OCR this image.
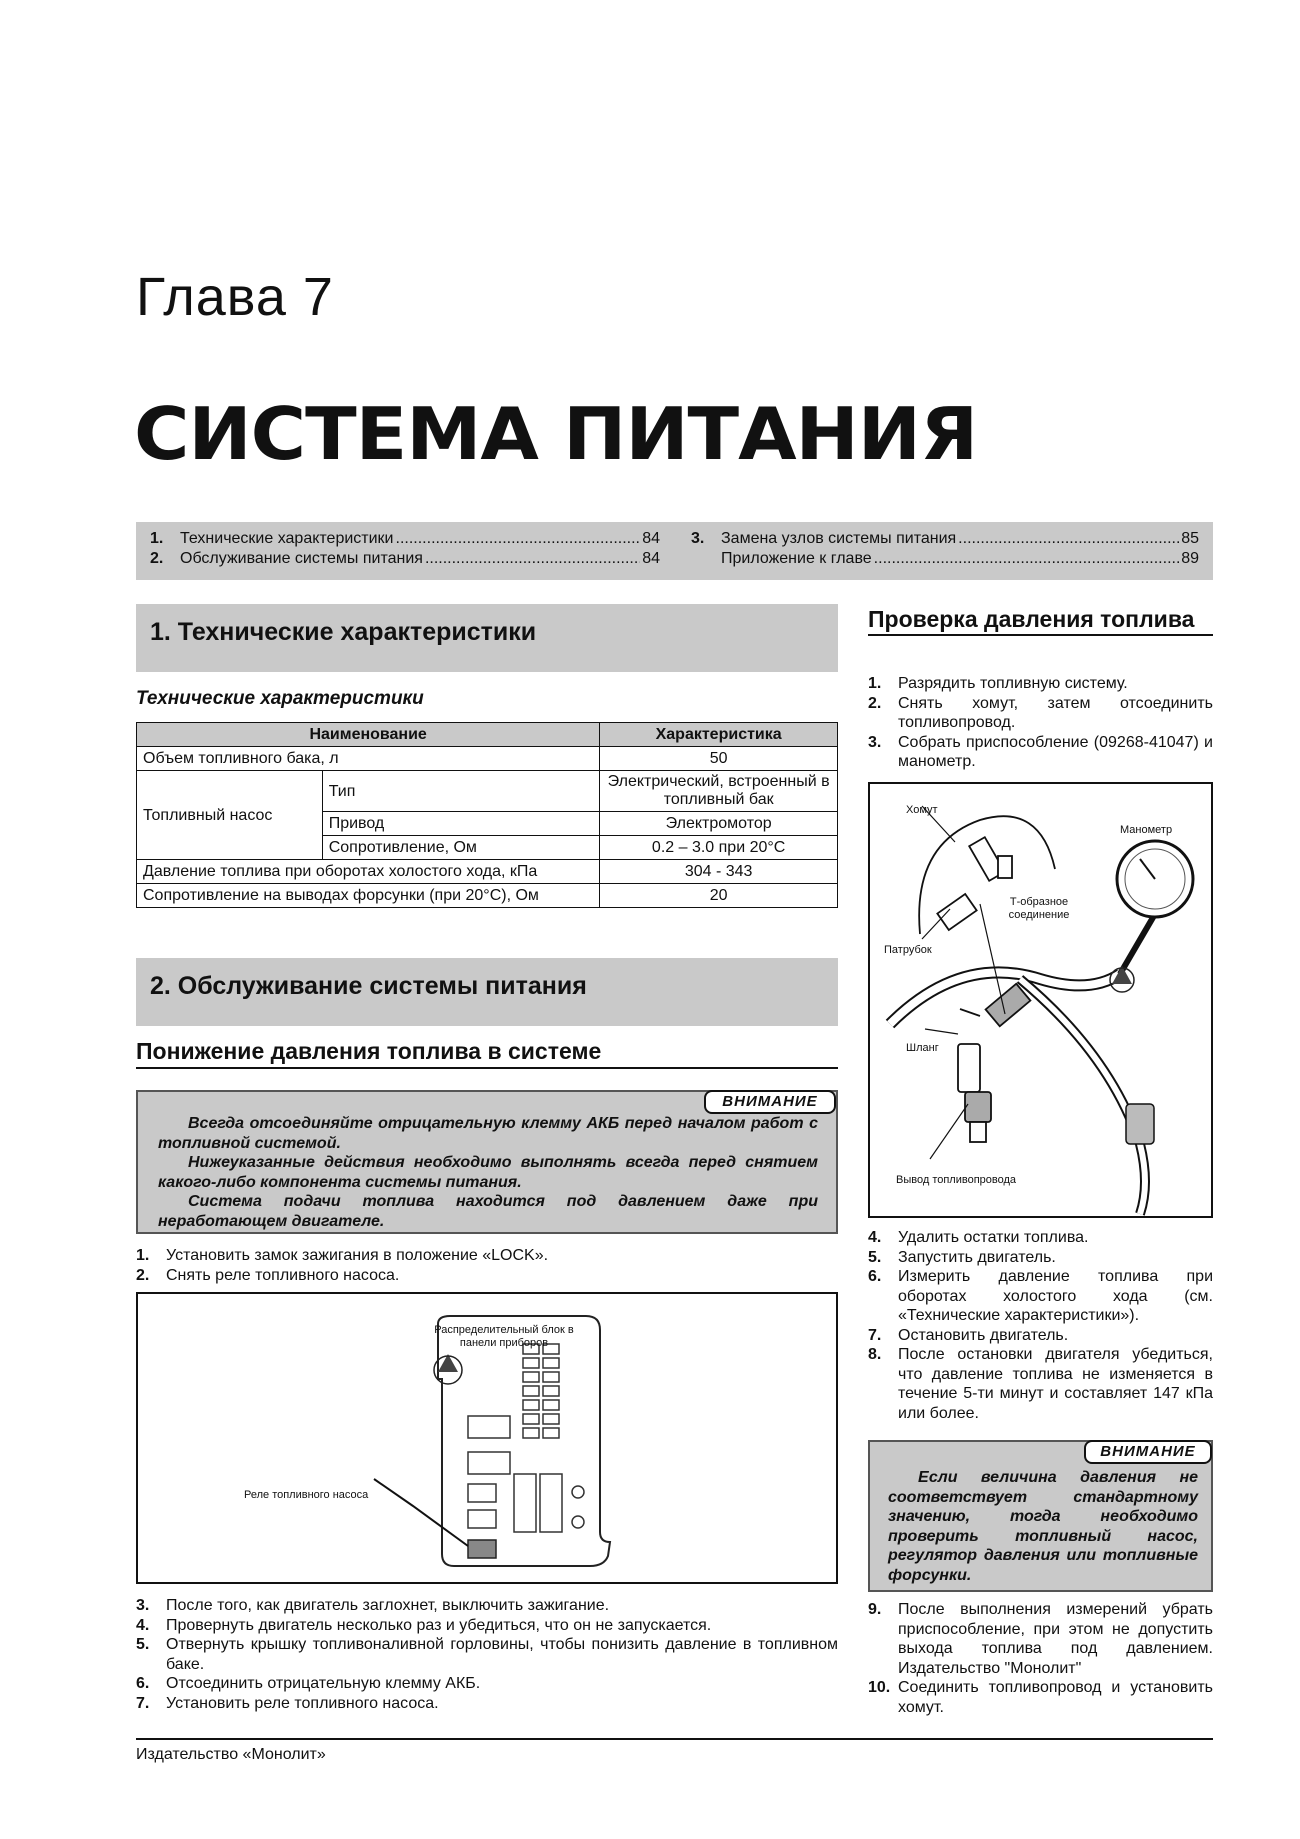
Глава 7
СИСТЕМА ПИТАНИЯ
1.	Технические характеристики .....	84
2.	Обслуживание системы питания .....	84
3.	Замена узлов системы питания .....	85
Приложение к главе .....	89
1. Технические характеристики
Технические характеристики
Наименование		Характеристика
Объем топливного бака, л		50
Топливный насос	Тип	Электрический, встроенный в топливный бак
	Привод	Электромотор
	Сопротивление, Ом	0.2 – 3.0 при 20°C
Давление топлива при оборотах холостого хода, кПа		304 - 343
Сопротивление на выводах форсунки (при 20°C), Ом		20
2. Обслуживание системы питания
Понижение давления топлива в системе
ВНИМАНИЕ

Всегда отсоединяйте отрицательную клемму АКБ перед началом работ с топливной системой.

Нижеуказанные действия необходимо выполнять всегда перед снятием какого-либо компонента системы питания.

Система подачи топлива находится под давлением даже при неработающем двигателе.

1. Установить замок зажигания в положение «LOCK».
2. Снять реле топливного насоса.
Распределительный блок в панели приборов
Реле топливного насоса
3. После того, как двигатель заглохнет, выключить зажигание.
4. Провернуть двигатель несколько раз и убедиться, что он не запускается.
5. Отвернуть крышку топливоналивной горловины, чтобы понизить давление в топливном баке.
6. Отсоединить отрицательную клемму АКБ.
7. Установить реле топливного насоса.
Проверка давления топлива
1. Разрядить топливную систему.
2. Снять хомут, затем отсоединить топливопровод.
3. Собрать приспособление (09268-41047) и манометр.
Хомут
Манометр
Т-образное соединение
Патрубок
Шланг
Вывод топливопровода
4. Удалить остатки топлива.
5. Запустить двигатель.
6. Измерить давление топлива при оборотах холостого хода (см. «Технические характеристики»).
7. Остановить двигатель.
8. После остановки двигателя убедиться, что давление топлива не изменяется в течение 5-ти минут и составляет 147 кПа или более.
ВНИМАНИЕ

Если величина давления не соответствует стандартному значению, тогда необходимо проверить топливный насос, регулятор давления или топливные форсунки.

9. После выполнения измерений убрать приспособление, при этом не допустить выхода топлива под давлением. Издательство "Монолит"
10. Соединить топливопровод и установить хомут.
Издательство «Монолит»
